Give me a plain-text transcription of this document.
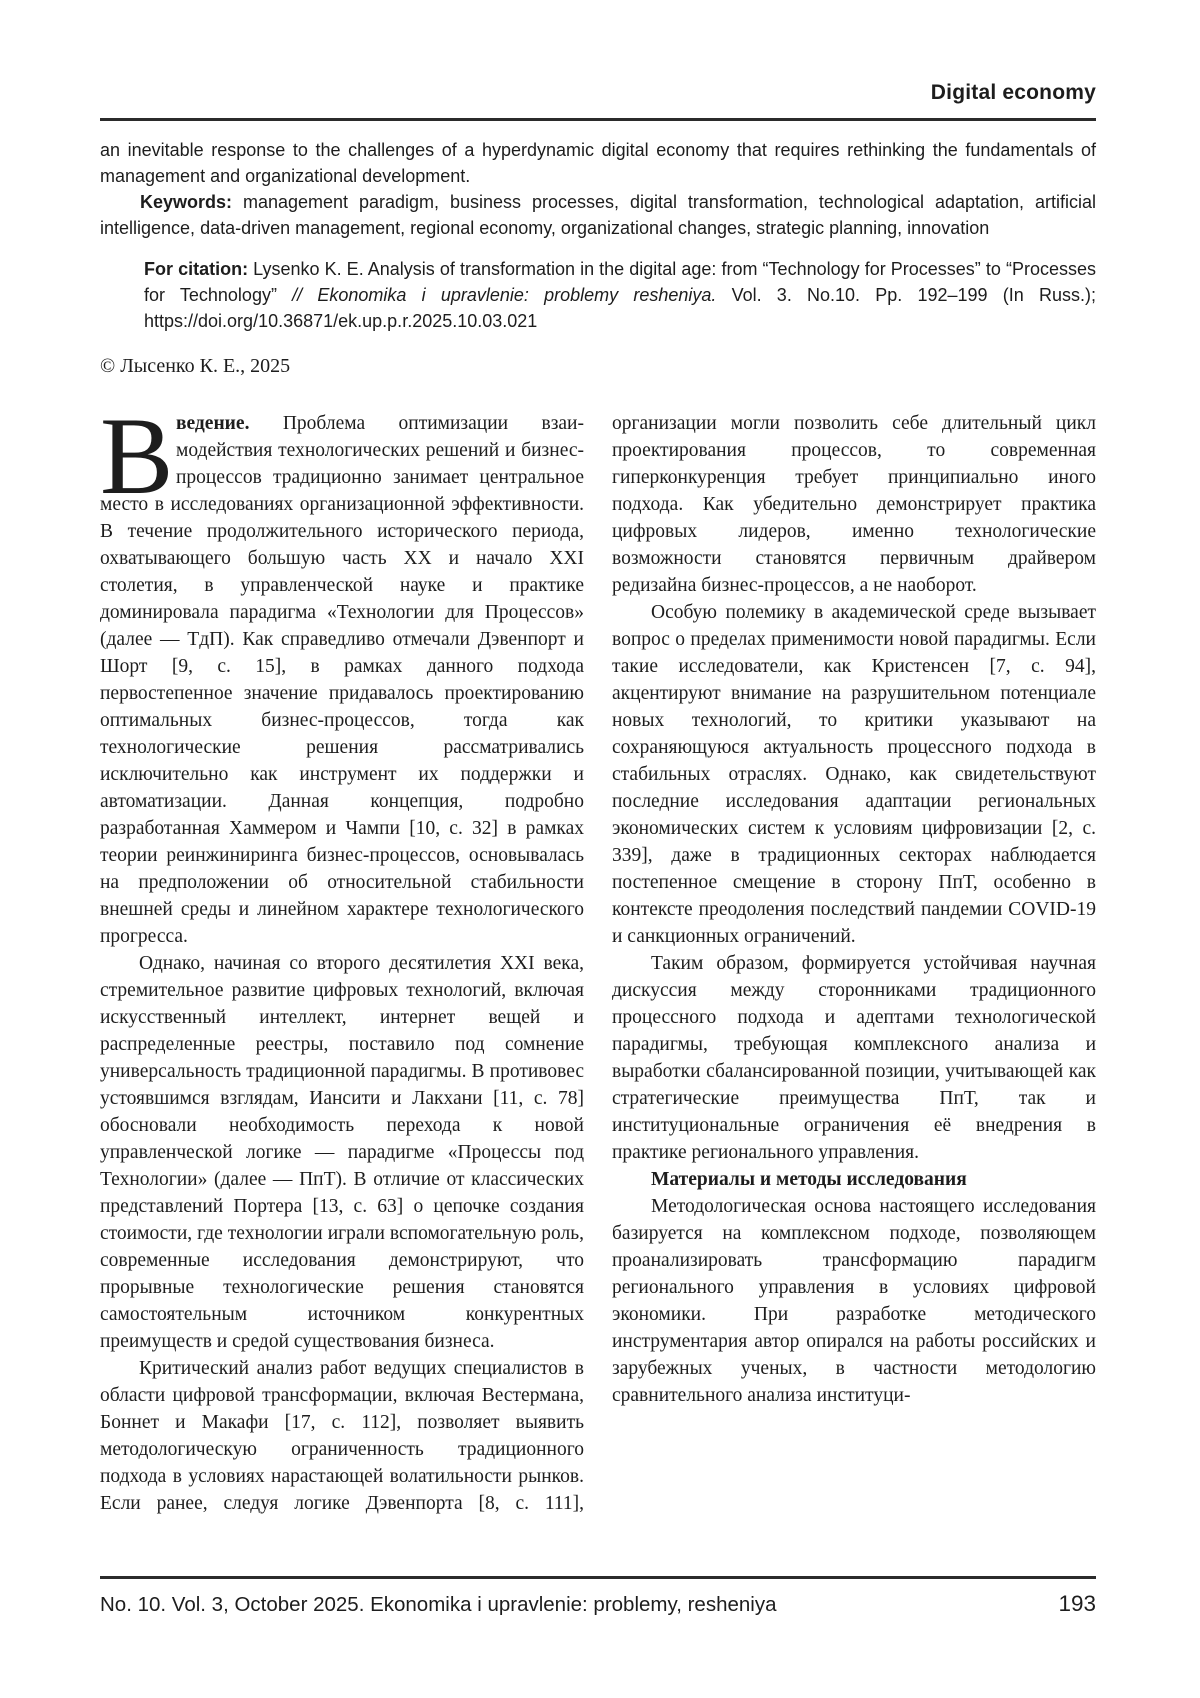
Digital economy

an inevitable response to the challenges of a hyperdynamic digital economy that requires rethinking the fundamentals of management and organizational development.

Keywords: management paradigm, business processes, digital transformation, technological adaptation, artificial intelligence, data-driven management, regional economy, organizational changes, strategic planning, innovation

For citation: Lysenko K. E. Analysis of transformation in the digital age: from “Technology for Processes” to “Processes for Technology” // Ekonomika i upravlenie: problemy resheniya. Vol. 3. No.10. Pp. 192–199 (In Russ.); https://doi.org/10.36871/ek.up.p.r.2025.10.03.021

© Лысенко К. Е., 2025

Введение. Проблема оптимизации взаимодействия технологических решений и бизнес-процессов традиционно занимает центральное место в исследованиях организационной эффективности. В течение продолжительного исторического периода, охватывающего большую часть XX и начало XXI столетия, в управленческой науке и практике доминировала парадигма «Технологии для Процессов» (далее — ТдП). Как справедливо отмечали Дэвенпорт и Шорт [9, с. 15], в рамках данного подхода первостепенное значение придавалось проектированию оптимальных бизнес-процессов, тогда как технологические решения рассматривались исключительно как инструмент их поддержки и автоматизации. Данная концепция, подробно разработанная Хаммером и Чампи [10, с. 32] в рамках теории реинжиниринга бизнес-процессов, основывалась на предположении об относительной стабильности внешней среды и линейном характере технологического прогресса.

Однако, начиная со второго десятилетия XXI века, стремительное развитие цифровых технологий, включая искусственный интеллект, интернет вещей и распределенные реестры, поставило под сомнение универсальность традиционной парадигмы. В противовес устоявшимся взглядам, Иансити и Лакхани [11, с. 78] обосновали необходимость перехода к новой управленческой логике — парадигме «Процессы под Технологии» (далее — ПпТ). В отличие от классических представлений Портера [13, с. 63] о цепочке создания стоимости, где технологии играли вспомогательную роль, современные исследования демонстрируют, что прорывные технологические решения становятся самостоятельным источником конкурентных преимуществ и средой существования бизнеса.

Критический анализ работ ведущих специалистов в области цифровой трансформации, включая Вестермана, Боннет и Макафи [17, с. 112], позволяет выявить методологическую ограниченность традиционного подхода в условиях нарастающей волатильности рынков. Если ранее, следуя логике Дэвенпорта [8, с. 111], организации могли позволить себе длительный цикл проектирования процессов, то современная гиперконкуренция требует принципиально иного подхода. Как убедительно демонстрирует практика цифровых лидеров, именно технологические возможности становятся первичным драйвером редизайна бизнес-процессов, а не наоборот.

Особую полемику в академической среде вызывает вопрос о пределах применимости новой парадигмы. Если такие исследователи, как Кристенсен [7, с. 94], акцентируют внимание на разрушительном потенциале новых технологий, то критики указывают на сохраняющуюся актуальность процессного подхода в стабильных отраслях. Однако, как свидетельствуют последние исследования адаптации региональных экономических систем к условиям цифровизации [2, с. 339], даже в традиционных секторах наблюдается постепенное смещение в сторону ПпТ, особенно в контексте преодоления последствий пандемии COVID-19 и санкционных ограничений.

Таким образом, формируется устойчивая научная дискуссия между сторонниками традиционного процессного подхода и адептами технологической парадигмы, требующая комплексного анализа и выработки сбалансированной позиции, учитывающей как стратегические преимущества ПпТ, так и институциональные ограничения её внедрения в практике регионального управления.

Материалы и методы исследования

Методологическая основа настоящего исследования базируется на комплексном подходе, позволяющем проанализировать трансформацию парадигм регионального управления в условиях цифровой экономики. При разработке методического инструментария автор опирался на работы российских и зарубежных ученых, в частности методологию сравнительного анализа институци-

No. 10. Vol. 3, October 2025. Ekonomika i upravlenie: problemy, resheniya	193
